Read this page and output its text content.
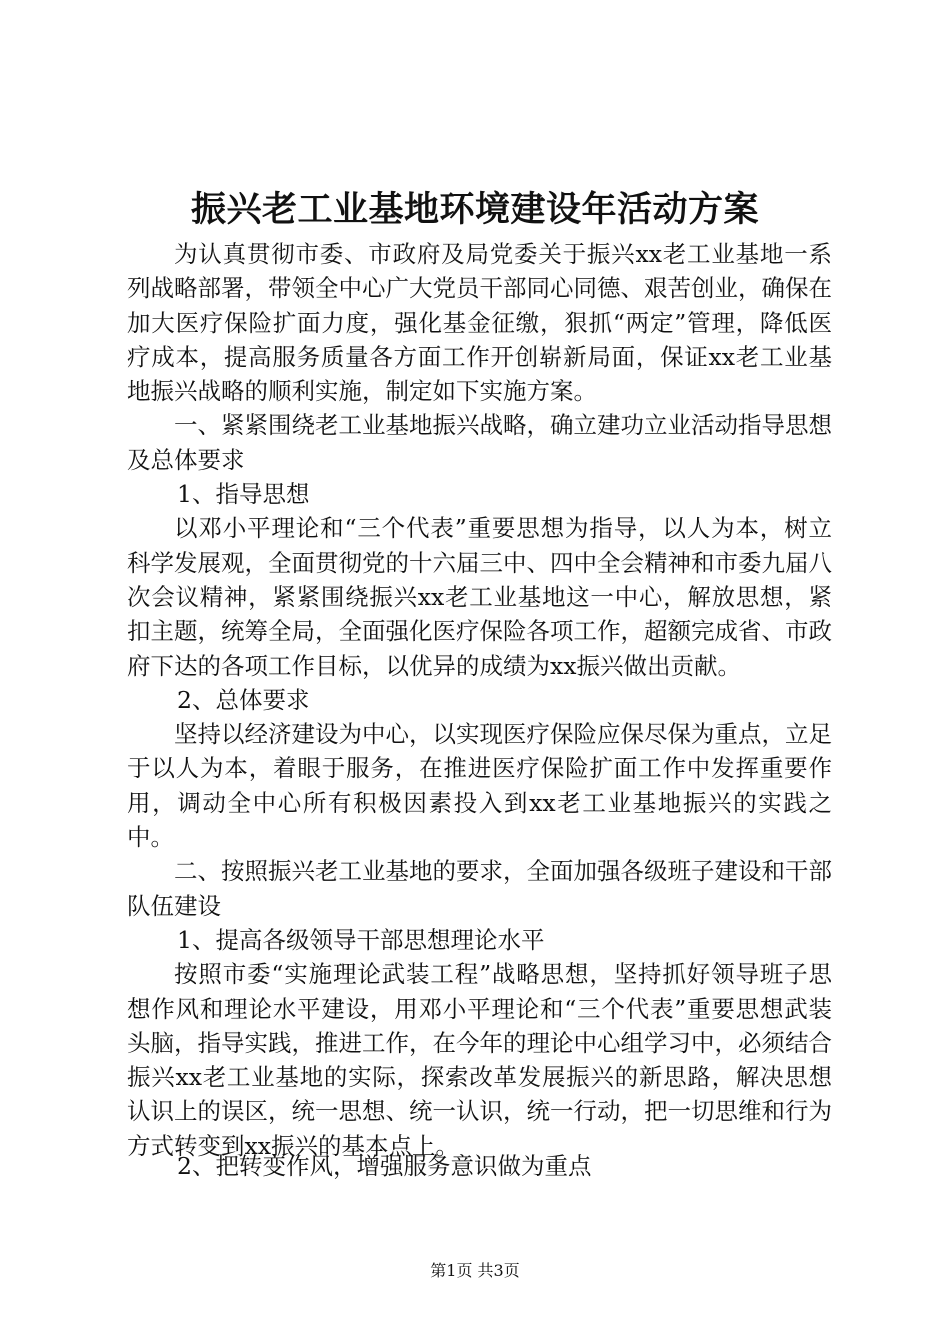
振兴老工业基地环境建设年活动方案

为认真贯彻市委、市政府及局党委关于振兴xx老工业基地一系列战略部署，带领全中心广大党员干部同心同德、艰苦创业，确保在加大医疗保险扩面力度，强化基金征缴，狠抓“两定”管理，降低医疗成本，提高服务质量各方面工作开创崭新局面，保证xx老工业基地振兴战略的顺利实施，制定如下实施方案。

一、紧紧围绕老工业基地振兴战略，确立建功立业活动指导思想及总体要求

1、指导思想

以邓小平理论和“三个代表”重要思想为指导，以人为本，树立科学发展观，全面贯彻党的十六届三中、四中全会精神和市委九届八次会议精神，紧紧围绕振兴xx老工业基地这一中心，解放思想，紧扣主题，统筹全局，全面强化医疗保险各项工作，超额完成省、市政府下达的各项工作目标，以优异的成绩为xx振兴做出贡献。

2、总体要求

坚持以经济建设为中心，以实现医疗保险应保尽保为重点，立足于以人为本，着眼于服务，在推进医疗保险扩面工作中发挥重要作用，调动全中心所有积极因素投入到xx老工业基地振兴的实践之中。

二、按照振兴老工业基地的要求，全面加强各级班子建设和干部队伍建设

1、提高各级领导干部思想理论水平

按照市委“实施理论武装工程”战略思想，坚持抓好领导班子思想作风和理论水平建设，用邓小平理论和“三个代表”重要思想武装头脑，指导实践，推进工作，在今年的理论中心组学习中，必须结合振兴xx老工业基地的实际，探索改革发展振兴的新思路，解决思想认识上的误区，统一思想、统一认识，统一行动，把一切思维和行为方式转变到xx振兴的基本点上。

2、把转变作风，增强服务意识做为重点
第1页 共3页
